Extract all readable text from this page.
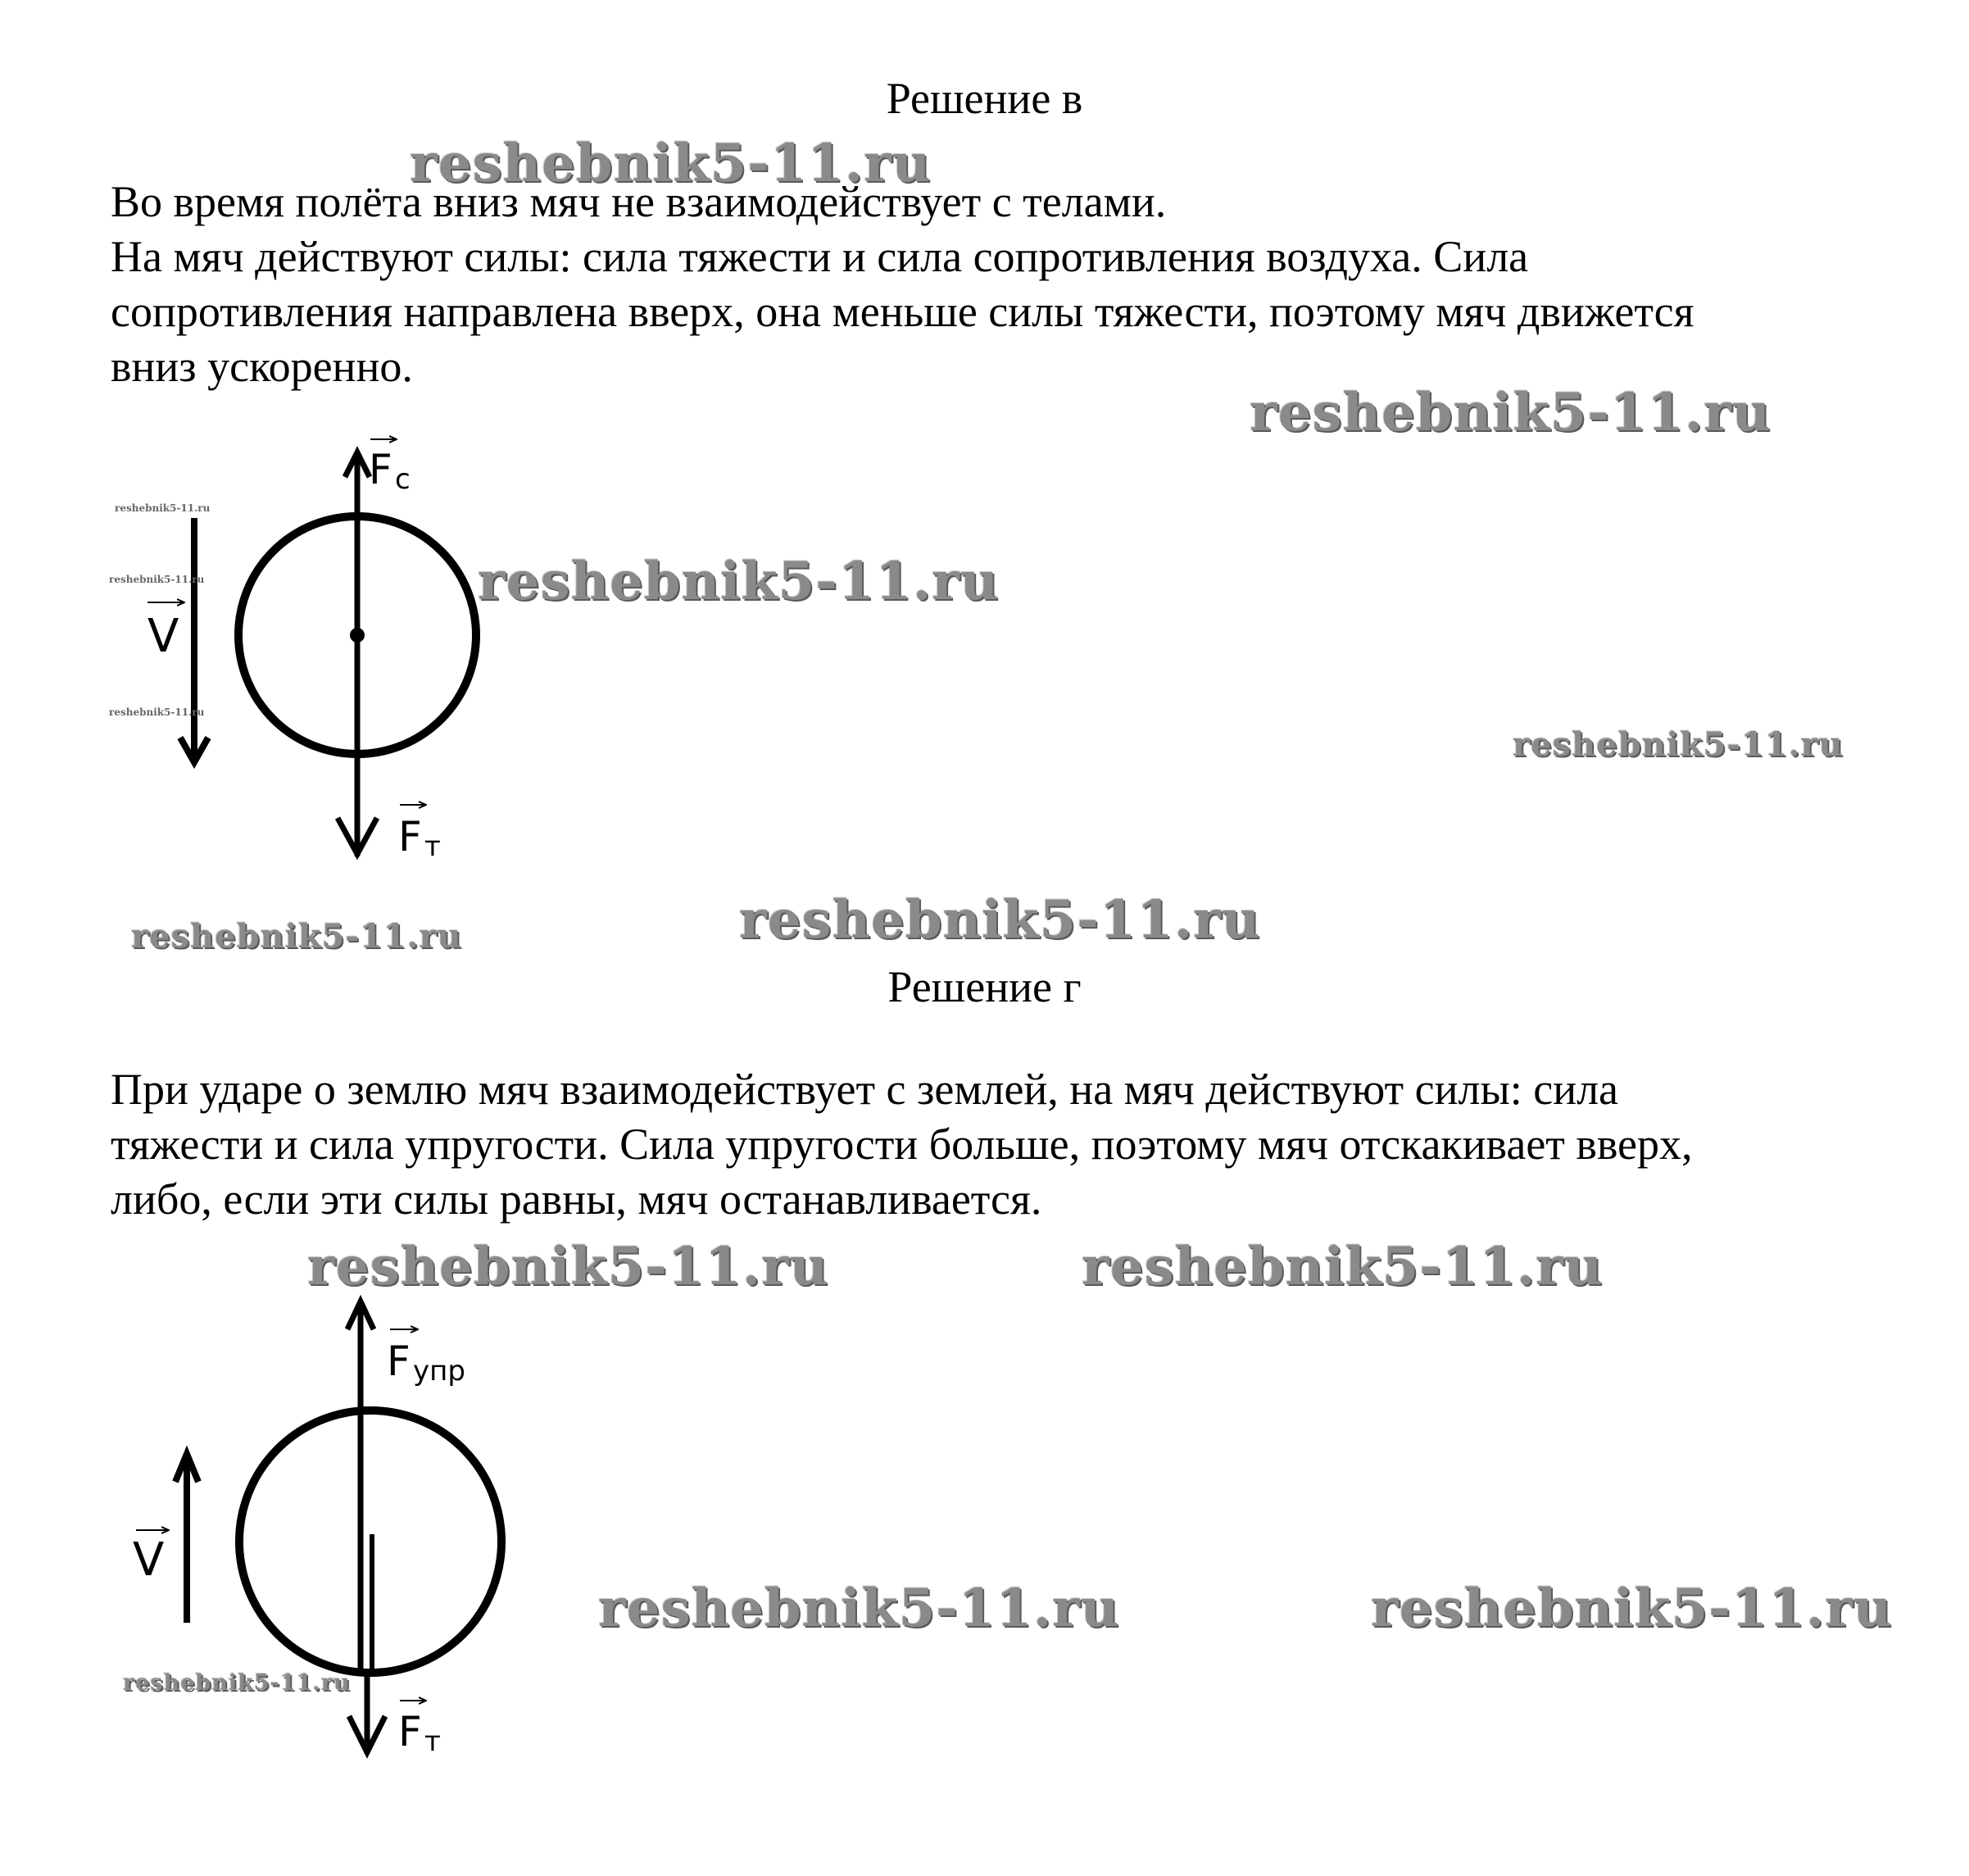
Решение в
Во время полёта вниз мяч не взаимодействует с телами.
На мяч действуют силы: сила тяжести и сила сопротивления воздуха. Сила
сопротивления направлена вверх, она меньше силы тяжести, поэтому мяч движется
вниз ускоренно.
V
F c
F т
Решение г
При ударе о землю мяч взаимодействует с землей, на мяч действуют силы: сила
тяжести и сила упругости. Сила упругости больше, поэтому мяч отскакивает вверх,
либо, если эти силы равны, мяч останавливается.
V
F упр
F т
reshebnik5-11.ru
reshebnik5-11.ru
reshebnik5-11.ru
reshebnik5-11.ru
reshebnik5-11.ru	reshebnik5-11.ru
reshebnik5-11.ru	reshebnik5-11.ru
reshebnik5-11.ru	reshebnik5-11.ru
reshebnik5-11.ru
reshebnik5-11.ru
reshebnik5-11.ru
reshebnik5-11.ru
